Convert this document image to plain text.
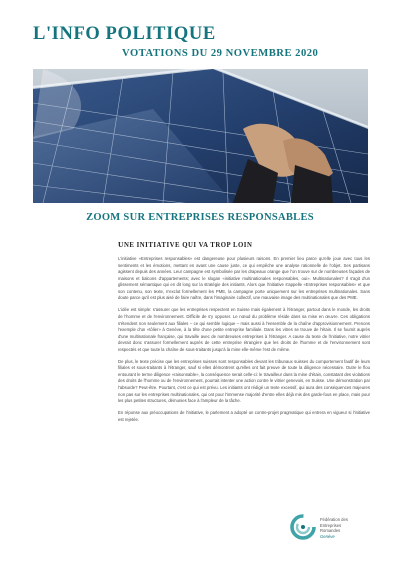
L'INFO POLITIQUE
VOTATIONS DU 29 NOVEMBRE 2020
ZOOM SUR ENTREPRISES RESPONSABLES
UNE INITIATIVE QUI VA TROP LOIN

L'initiative «Entreprises responsables» est dangereuse pour plusieurs raisons. En premier lieu parce qu'elle joue avec tous les sentiments et les émotions, mettant en avant une cause juste, ce qui empêche une analyse rationnelle de l'objet. Ses partisans agissent depuis des années. Leur campagne est symbolisée par les drapeaux orange que l'on trouve sur de nombreuses façades de maisons et balcons d'appartements; avec le slogan «initiative multinationales responsables, oui». Multinationales? Il s'agit d'un glissement sémantique qui en dit long sur la stratégie des initiants. Alors que l'initiative s'appelle «Entreprises responsables» et que son contenu, son texte, n'exclut formellement les PME, la campagne porte uniquement sur les entreprises multinationales. Sans doute parce qu'il est plus aisé de faire naître, dans l'imaginaire collectif, une mauvaise image des multinationales que des PME.

L'idée est simple: s'assurer que les entreprises respectent en Suisse mais également à l'étranger, partout dans le monde, les droits de l'homme et de l'environnement. Difficile de s'y opposer. Le nœud du problème réside dans sa mise en œuvre. Ces obligations s'étendent non seulement aux filiales – ce qui semble logique – mais aussi à l'ensemble de la chaîne d'approvisionnement. Prenons l'exemple d'un «tôlier» à Genève, à la tête d'une petite entreprise familiale. Dans les vitres se trouve de l'étain. Il se fournit auprès d'une multinationale française, qui travaille avec de nombreuses entreprises à l'étranger. A cause du texte de l'initiative, notre vitrier devrait donc s'assurer formellement auprès de cette entreprise étrangère que les droits de l'homme et de l'environnement sont respectés et que toute la chaîne de sous-traitants jusqu'à la mine elle-même l'est de même.

De plus, le texte précise que les entreprises suisses sont responsables devant les tribunaux suisses du comportement fautif de leurs filiales et sous-traitants à l'étranger, sauf si elles démontrent qu'elles ont fait preuve de toute la diligence nécessaire. Outre le flou entourant le terme diligence «raisonnable», la conséquence serait celle-ci: le travailleur dans la mine d'étain, constatant des violations des droits de l'homme ou de l'environnement, pourrait intenter une action contre le vitrier genevois, en Suisse. Une démonstration par l'absurde? Peut-être. Pourtant, c'est ce qui est prévu. Les initiants ont rédigé un texte excessif, qui aura des conséquences majeures non pas sur les entreprises multinationales, qui ont pour l'immense majorité d'entre elles déjà mis des garde-fous en place, mais pour les plus petites structures, démunies face à l'ampleur de la tâche.

En réponse aux préoccupations de l'initiative, le parlement a adopté un contre-projet pragmatique qui entrera en vigueur si l'initiative est rejetée.

Fédération des
Entreprises
Romandes
Genève
